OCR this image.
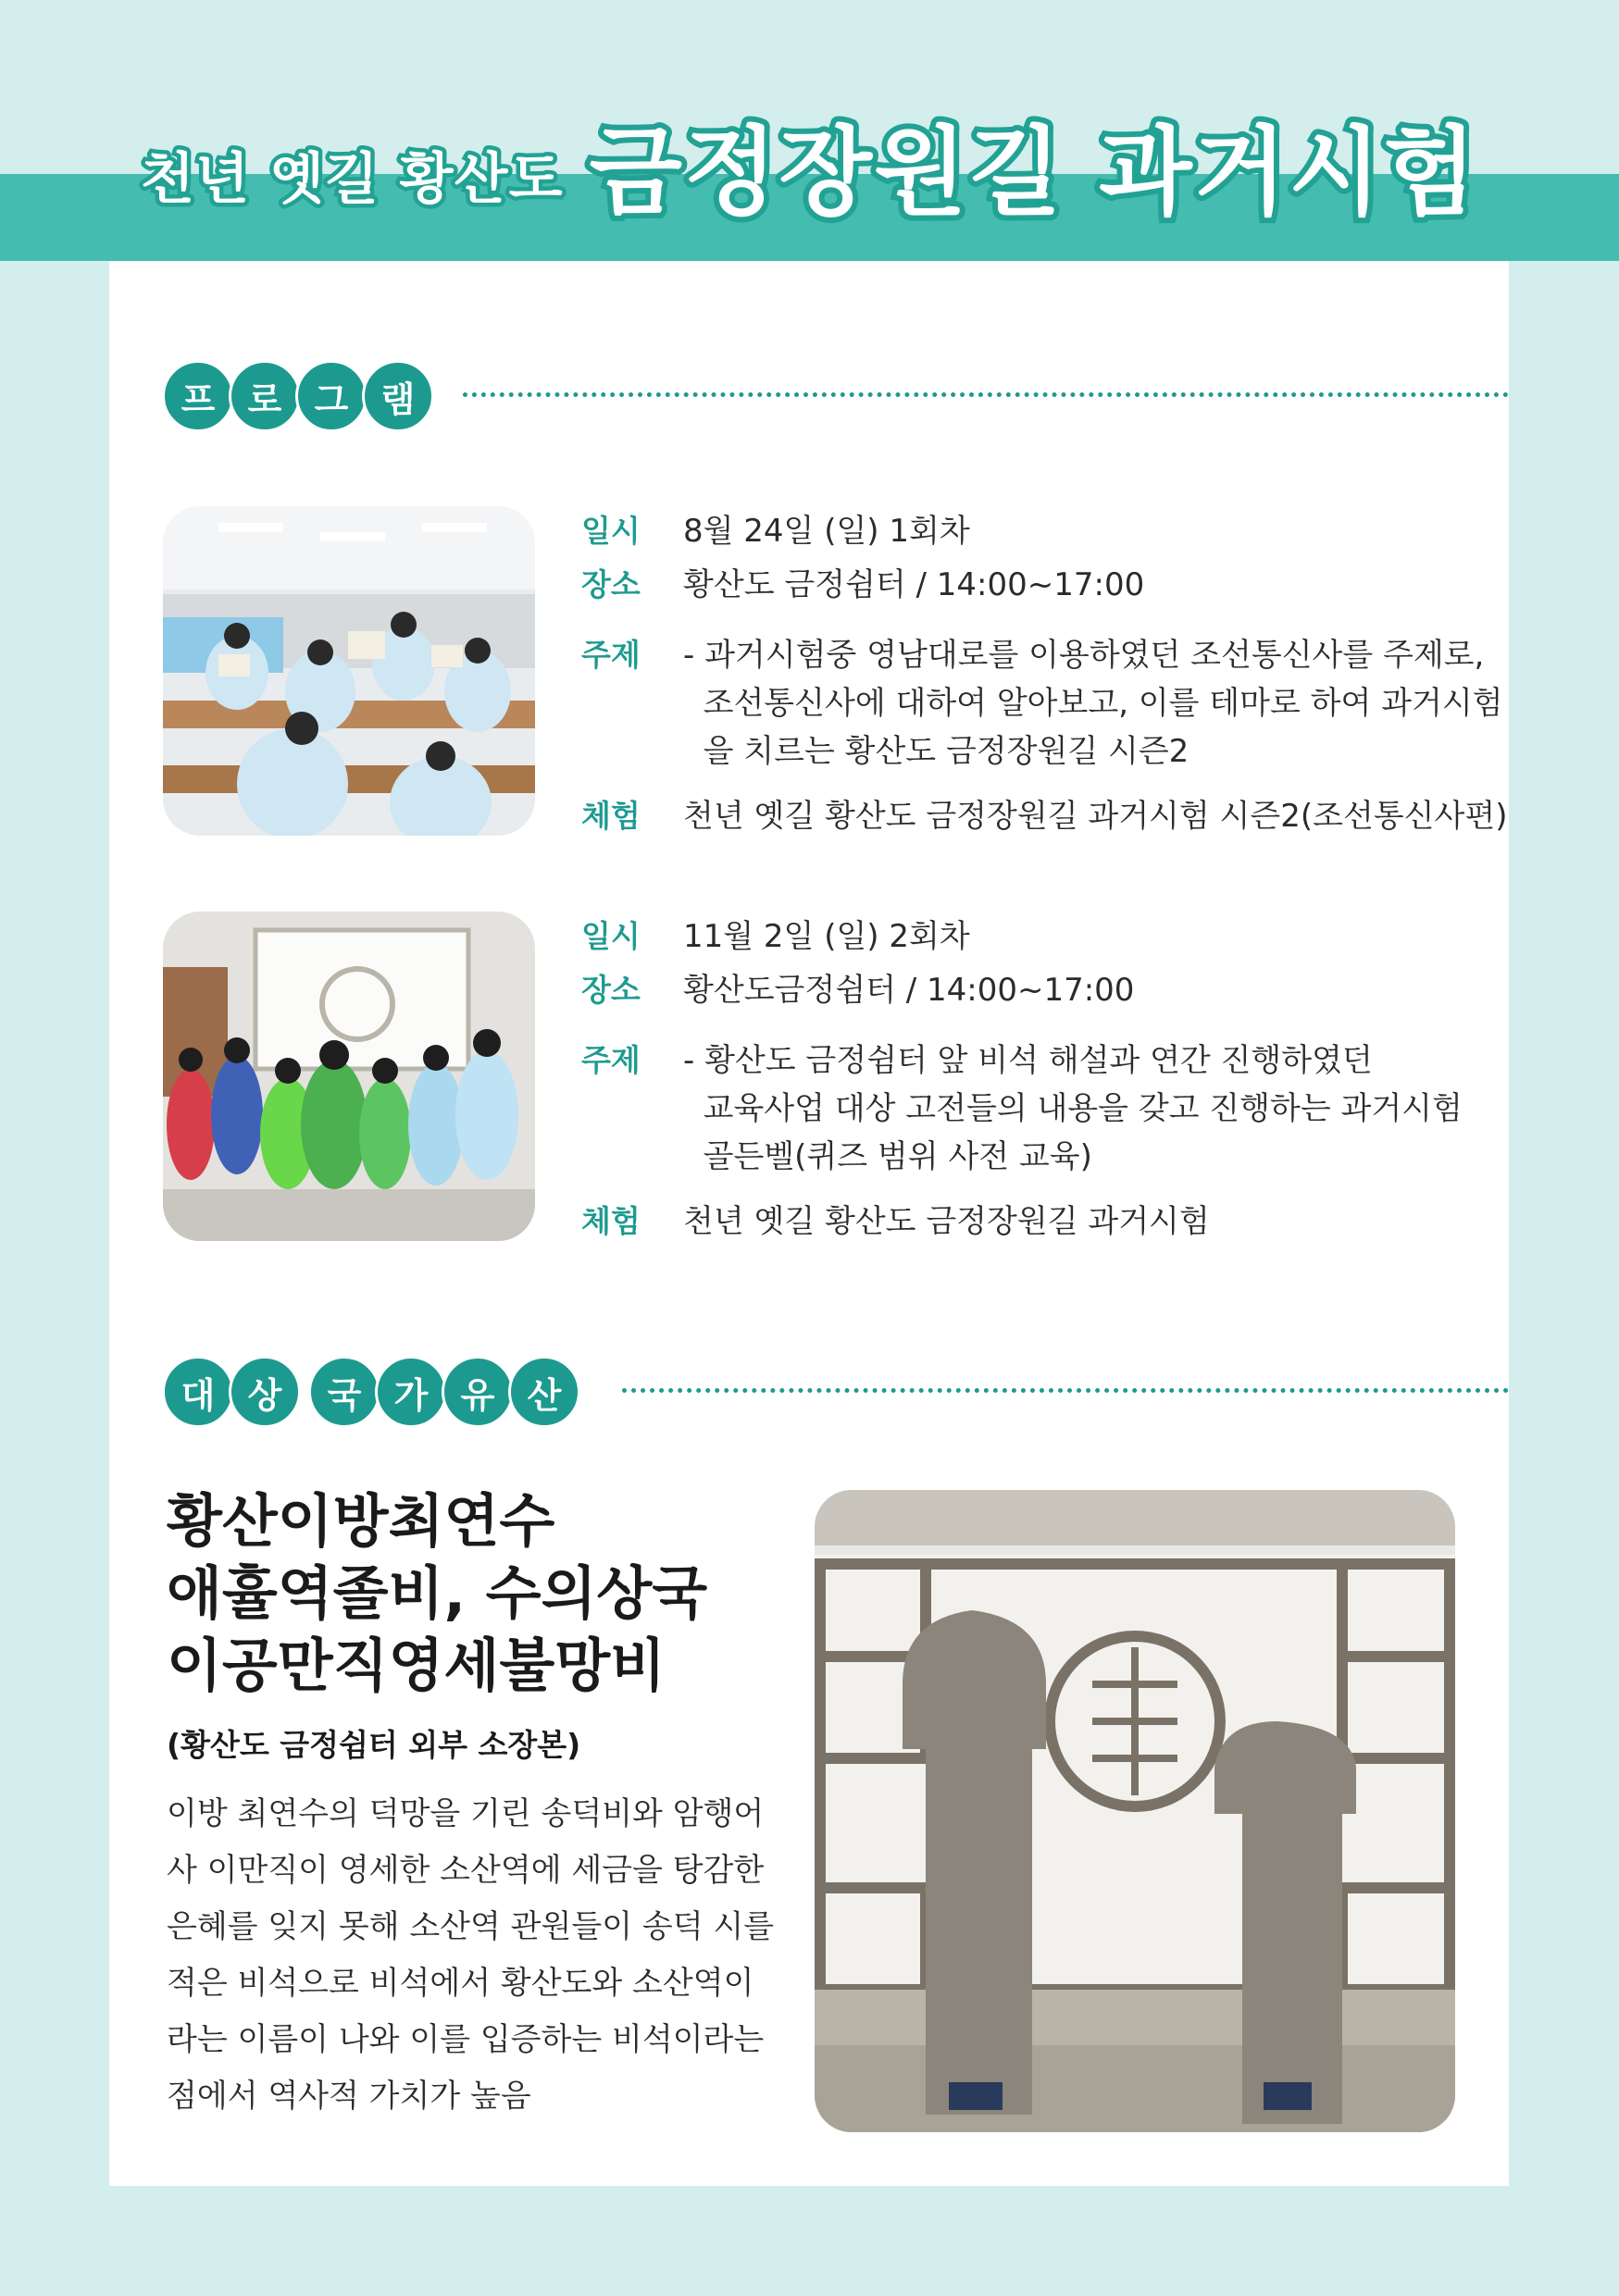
천년 옛길 황산도 금정장원길 과거시험
프 로 그 램
일시	8월 24일 (일) 1회차
장소	황산도 금정쉼터 / 14:00~17:00
주제	- 과거시험중 영남대로를 이용하였던 조선통신사를 주제로,
조선통신사에 대하여 알아보고, 이를 테마로 하여 과거시험
을 치르는 황산도 금정장원길 시즌2
체험	천년 옛길 황산도 금정장원길 과거시험 시즌2(조선통신사편)
일시	11월 2일 (일) 2회차
장소	황산도금정쉼터 / 14:00~17:00
주제	- 황산도 금정쉼터 앞 비석 해설과 연간 진행하였던
교육사업 대상 고전들의 내용을 갖고 진행하는 과거시험
골든벨(퀴즈 범위 사전 교육)
체험	천년 옛길 황산도 금정장원길 과거시험
대 상	국 가 유 산
황산이방최연수
애휼역졸비, 수의상국
이공만직영세불망비
(황산도 금정쉼터 외부 소장본)
이방 최연수의 덕망을 기린 송덕비와 암행어
사 이만직이 영세한 소산역에 세금을 탕감한
은혜를 잊지 못해 소산역 관원들이 송덕 시를
적은 비석으로 비석에서 황산도와 소산역이
라는 이름이 나와 이를 입증하는 비석이라는
점에서 역사적 가치가 높음
